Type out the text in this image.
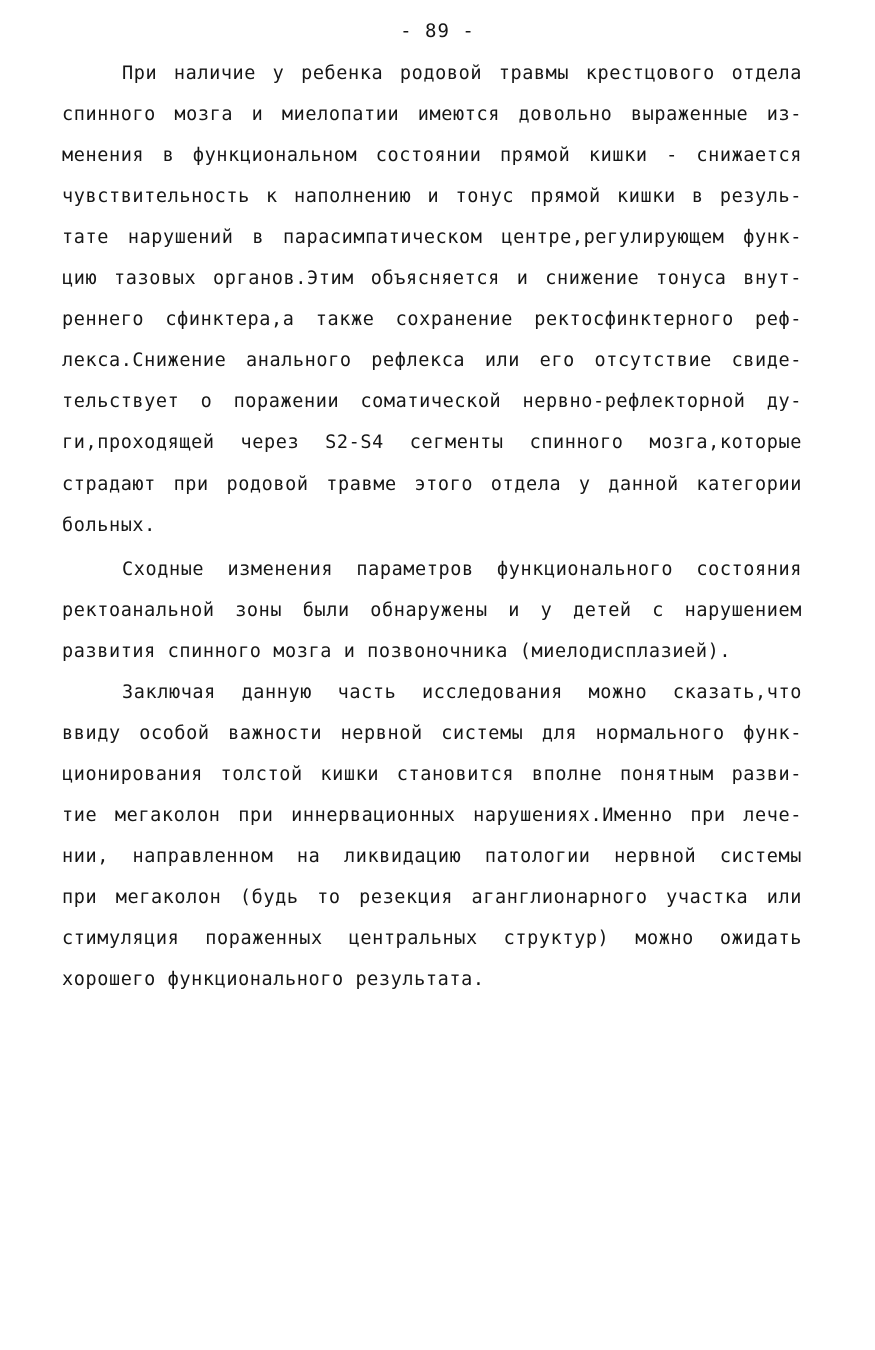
- 89 -
При наличие у ребенка родовой травмы крестцового отдела
спинного мозга и миелопатии имеются довольно выраженные из-
менения в функциональном состоянии прямой кишки - снижается
чувствительность к наполнению и тонус прямой кишки в резуль-
тате нарушений в парасимпатическом центре,регулирующем функ-
цию тазовых органов.Этим объясняется и снижение тонуса внут-
реннего сфинктера,а также сохранение ректосфинктерного реф-
лекса.Снижение анального рефлекса или его отсутствие свиде-
тельствует о поражении соматической нервно-рефлекторной ду-
ги,проходящей через S2-S4 сегменты спинного мозга,которые
страдают при родовой травме этого отдела у данной категории
больных.
Сходные изменения параметров функционального состояния
ректоанальной зоны были обнаружены и у детей с нарушением
развития спинного мозга и позвоночника (миелодисплазией).
Заключая данную часть исследования можно сказать,что
ввиду особой важности нервной системы для нормального функ-
ционирования толстой кишки становится вполне понятным разви-
тие мегаколон при иннервационных нарушениях.Именно при лече-
нии, направленном на ликвидацию патологии нервной системы
при мегаколон (будь то резекция аганглионарного участка или
стимуляция пораженных центральных структур) можно ожидать
хорошего функционального результата.
